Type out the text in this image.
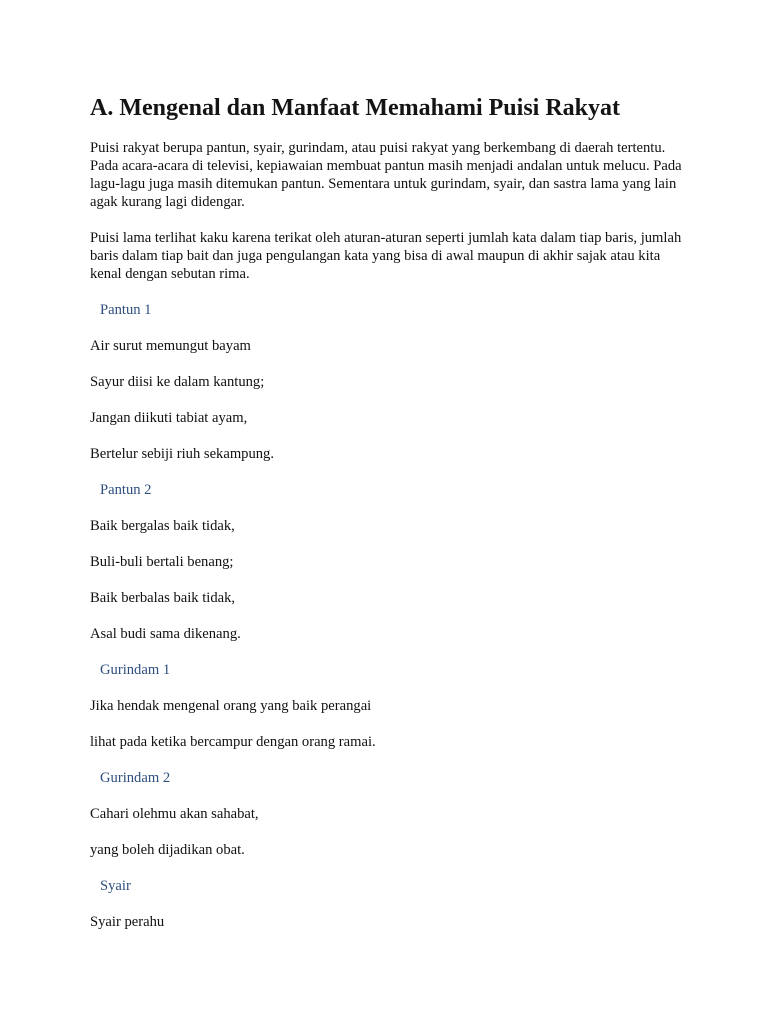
A. Mengenal dan Manfaat Memahami Puisi Rakyat

Puisi rakyat berupa pantun, syair, gurindam, atau puisi rakyat yang berkembang di daerah tertentu. Pada acara-acara di televisi, kepiawaian membuat pantun masih menjadi andalan untuk melucu. Pada lagu-lagu juga masih ditemukan pantun. Sementara untuk gurindam, syair, dan sastra lama yang lain agak kurang lagi didengar.

Puisi lama terlihat kaku karena terikat oleh aturan-aturan seperti jumlah kata dalam tiap baris, jumlah baris dalam tiap bait dan juga pengulangan kata yang bisa di awal maupun di akhir sajak atau kita kenal dengan sebutan rima.

Pantun 1

Air surut memungut bayam

Sayur diisi ke dalam kantung;

Jangan diikuti tabiat ayam,

Bertelur sebiji riuh sekampung.

Pantun 2

Baik bergalas baik tidak,

Buli-buli bertali benang;

Baik berbalas baik tidak,

Asal budi sama dikenang.

Gurindam 1

Jika hendak mengenal orang yang baik perangai

lihat pada ketika bercampur dengan orang ramai.

Gurindam 2

Cahari olehmu akan sahabat,

yang boleh dijadikan obat.

Syair

Syair perahu
